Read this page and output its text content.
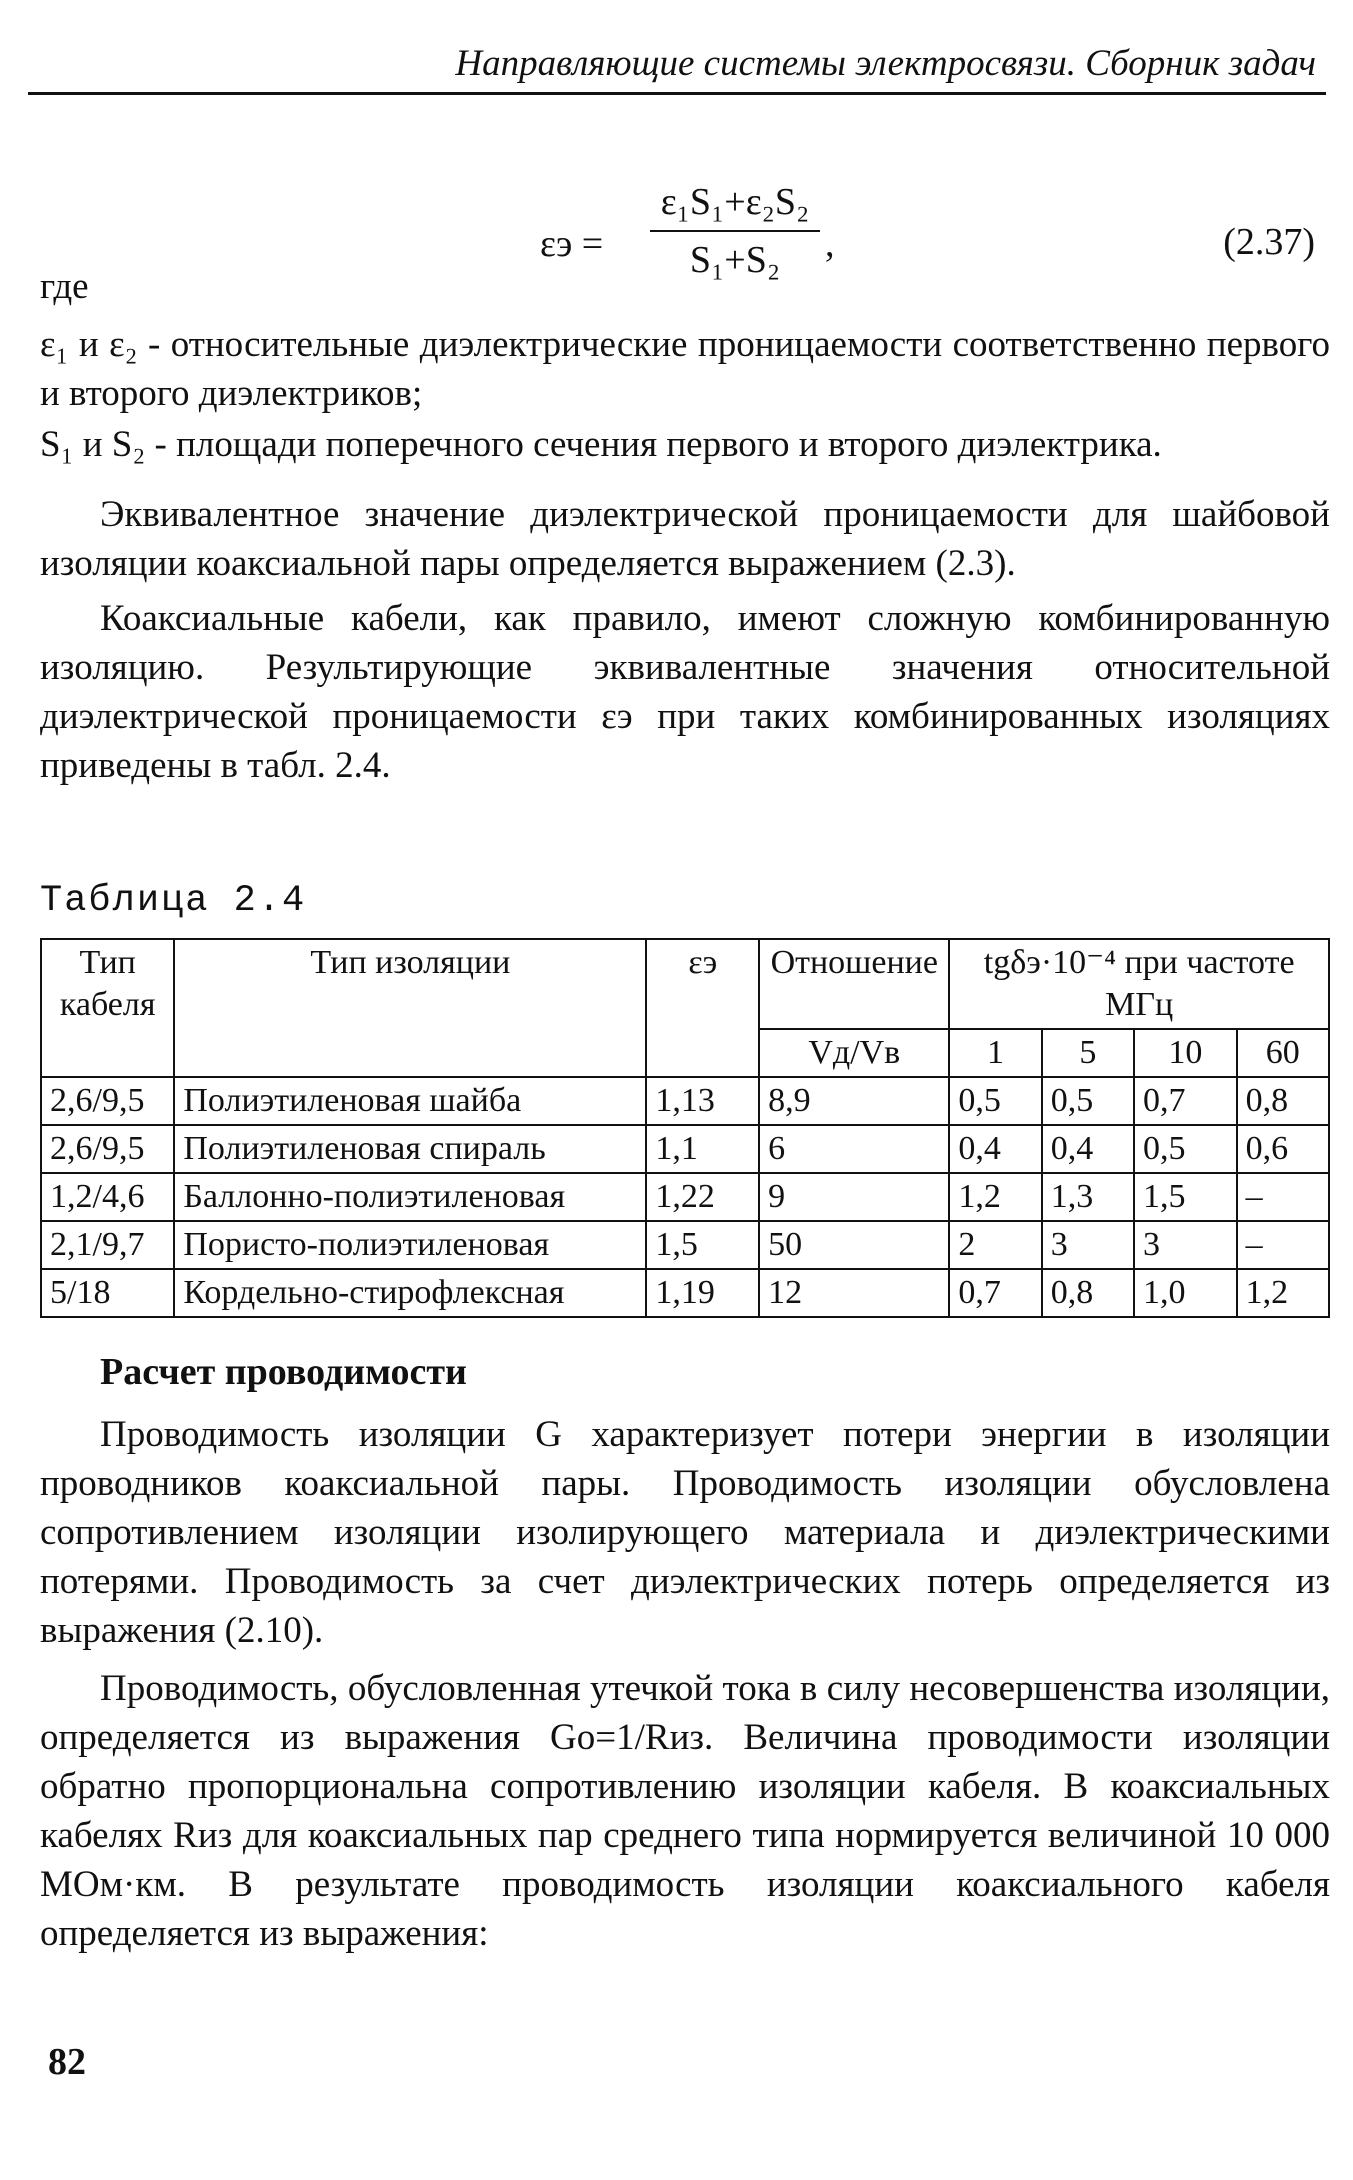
Направляющие системы электросвязи. Сборник задач
$\varepsilon э = \frac{\text{ε₁S₁+ε₂S₂}}{\text{S₁+S₂}}$ ,	(2.37)
где
ε₁ и ε₂ - относительные диэлектрические проницаемости соответственно первого и второго диэлектриков;
S₁ и S₂ - площади поперечного сечения первого и второго диэлектрика.
Эквивалентное значение диэлектрической проницаемости для шайбовой изоляции коаксиальной пары определяется выражением (2.3).
Коаксиальные кабели, как правило, имеют сложную комбинированную изоляцию. Результирующие эквивалентные значения относительной диэлектрической проницаемости εэ при таких комбинированных изоляциях приведены в табл. 2.4.
Таблица 2.4
Тип кабеля	Тип изоляции	εэ	Отношение	tgδэ·10⁻⁴ при частоте МГц			
			Vд/Vв	1	5	10	60
2,6/9,5	Полиэтиленовая шайба	1,13	8,9	0,5	0,5	0,7	0,8
2,6/9,5	Полиэтиленовая спираль	1,1	6	0,4	0,4	0,5	0,6
1,2/4,6	Баллонно-полиэтиленовая	1,22	9	1,2	1,3	1,5	–
2,1/9,7	Пористо-полиэтиленовая	1,5	50	2	3	3	–
5/18	Кордельно-стирофлексная	1,19	12	0,7	0,8	1,0	1,2
Расчет проводимости
Проводимость изоляции G характеризует потери энергии в изоляции проводников коаксиальной пары. Проводимость изоляции обусловлена сопротивлением изоляции изолирующего материала и диэлектрическими потерями. Проводимость за счет диэлектрических потерь определяется из выражения (2.10).
Проводимость, обусловленная утечкой тока в силу несовершенства изоляции, определяется из выражения Gо=1/Rиз. Величина проводимости изоляции обратно пропорциональна сопротивлению изоляции кабеля. В коаксиальных кабелях Rиз для коаксиальных пар среднего типа нормируется величиной 10 000 МОм·км. В результате проводимость изоляции коаксиального кабеля определяется из выражения:
82
